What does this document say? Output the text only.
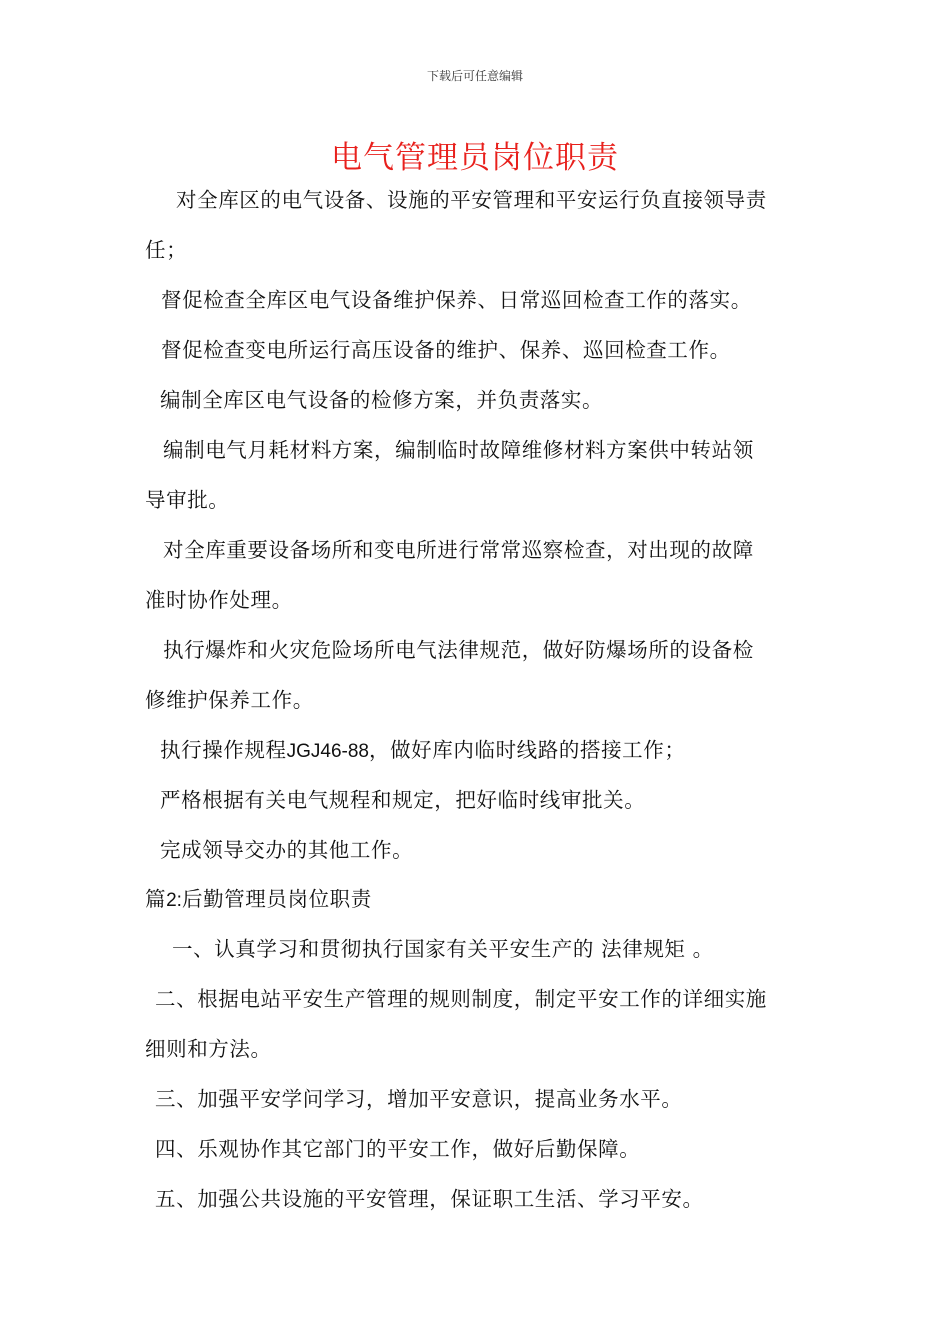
下载后可任意编辑
电气管理员岗位职责
对全库区的电气设备、设施的平安管理和平安运行负直接领导责
任；
督促检查全库区电气设备维护保养、日常巡回检查工作的落实。
督促检查变电所运行高压设备的维护、保养、巡回检查工作。
编制全库区电气设备的检修方案，并负责落实。
编制电气月耗材料方案，编制临时故障维修材料方案供中转站领
导审批。
对全库重要设备场所和变电所进行常常巡察检查，对出现的故障
准时协作处理。
执行爆炸和火灾危险场所电气法律规范，做好防爆场所的设备检
修维护保养工作。
执行操作规程JGJ46-88，做好库内临时线路的搭接工作；
严格根据有关电气规程和规定，把好临时线审批关。
完成领导交办的其他工作。
篇2:后勤管理员岗位职责
一、认真学习和贯彻执行国家有关平安生产的 法律规矩 。
二、根据电站平安生产管理的规则制度，制定平安工作的详细实施
细则和方法。
三、加强平安学问学习，增加平安意识，提高业务水平。
四、乐观协作其它部门的平安工作，做好后勤保障。
五、加强公共设施的平安管理，保证职工生活、学习平安。
